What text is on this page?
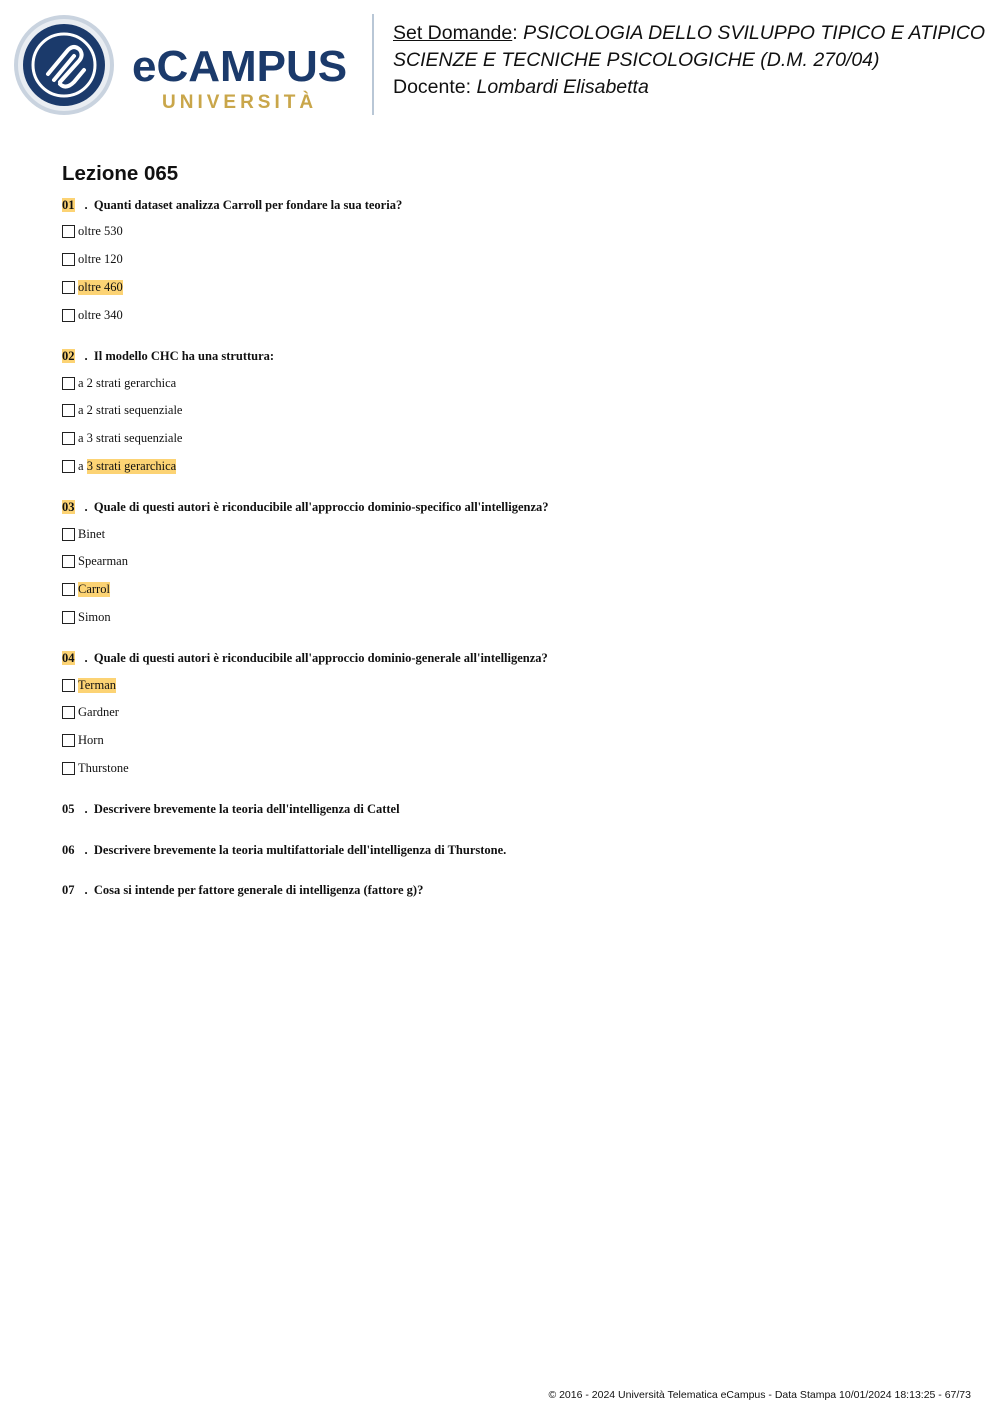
eCAMPUS
UNIVERSITÀ
Set Domande: PSICOLOGIA DELLO SVILUPPO TIPICO E ATIPICO
SCIENZE E TECNICHE PSICOLOGICHE (D.M. 270/04)
Docente: Lombardi Elisabetta
Lezione 065
01 .  Quanti dataset analizza Carroll per fondare la sua teoria?
oltre 530
oltre 120
oltre 460
oltre 340
02 .  Il modello CHC ha una struttura:
a 2 strati gerarchica
a 2 strati sequenziale
a 3 strati sequenziale
a 3 strati gerarchica
03 .  Quale di questi autori è riconducibile all'approccio dominio-specifico all'intelligenza?
Binet
Spearman
Carrol
Simon
04 .  Quale di questi autori è riconducibile all'approccio dominio-generale all'intelligenza?
Terman
Gardner
Horn
Thurstone
05 .  Descrivere brevemente la teoria dell'intelligenza di Cattel
06 .  Descrivere brevemente la teoria multifattoriale dell'intelligenza di Thurstone.
07 .  Cosa si intende per fattore generale di intelligenza (fattore g)?
© 2016 - 2024 Università Telematica eCampus - Data Stampa 10/01/2024 18:13:25 - 67/73
